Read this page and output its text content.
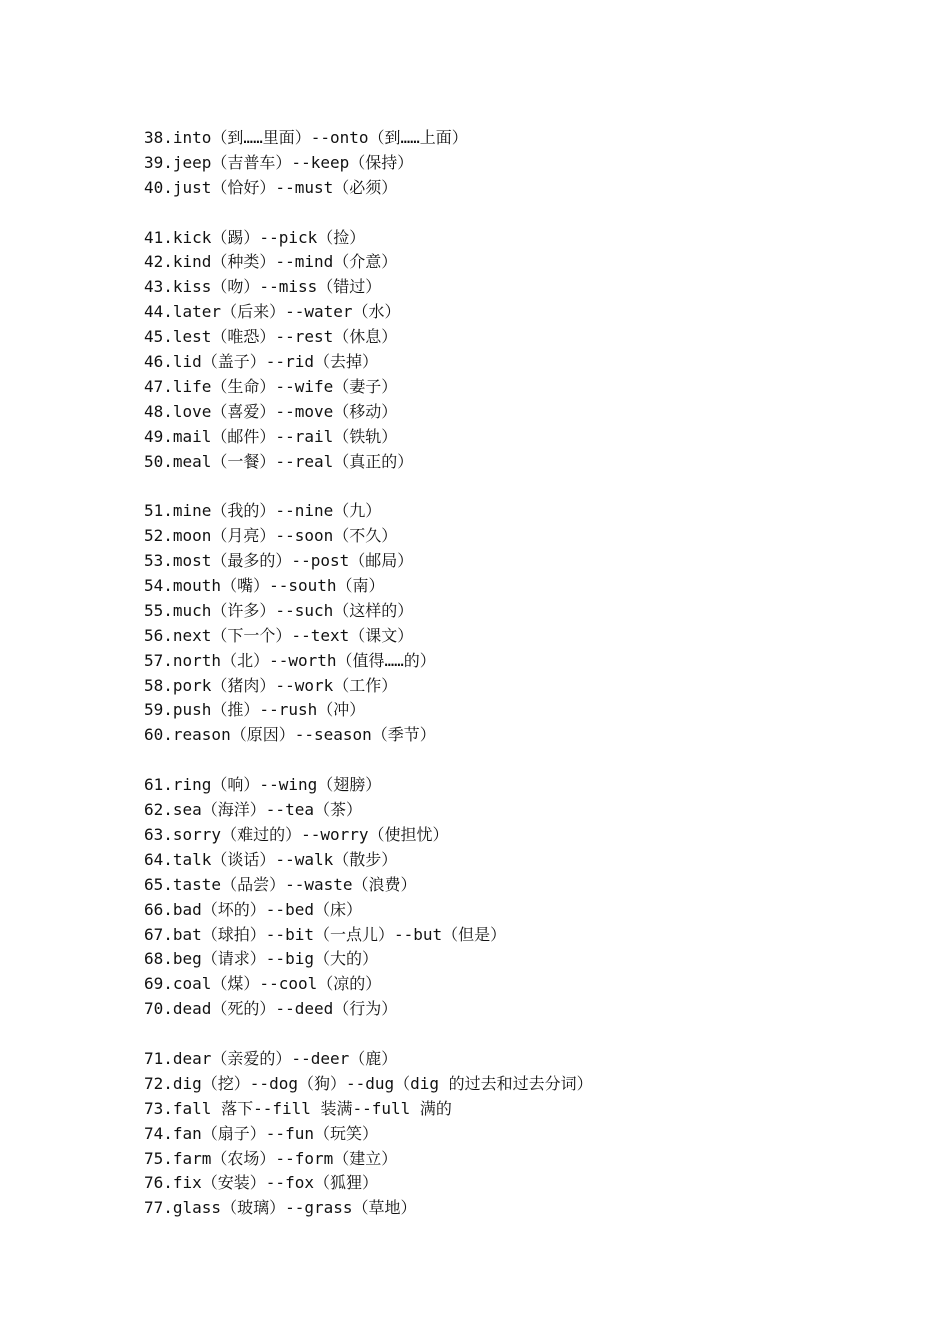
38.into（到……里面）--onto（到……上面）
39.jeep（吉普车）--keep（保持）
40.just（恰好）--must（必须）
41.kick（踢）--pick（捡）
42.kind（种类）--mind（介意）
43.kiss（吻）--miss（错过）
44.later（后来）--water（水）
45.lest（唯恐）--rest（休息）
46.lid（盖子）--rid（去掉）
47.life（生命）--wife（妻子）
48.love（喜爱）--move（移动）
49.mail（邮件）--rail（铁轨）
50.meal（一餐）--real（真正的）
51.mine（我的）--nine（九）
52.moon（月亮）--soon（不久）
53.most（最多的）--post（邮局）
54.mouth（嘴）--south（南）
55.much（许多）--such（这样的）
56.next（下一个）--text（课文）
57.north（北）--worth（值得……的）
58.pork（猪肉）--work（工作）
59.push（推）--rush（冲）
60.reason（原因）--season（季节）
61.ring（响）--wing（翅膀）
62.sea（海洋）--tea（茶）
63.sorry（难过的）--worry（使担忧）
64.talk（谈话）--walk（散步）
65.taste（品尝）--waste（浪费）
66.bad（坏的）--bed（床）
67.bat（球拍）--bit（一点儿）--but（但是）
68.beg（请求）--big（大的）
69.coal（煤）--cool（凉的）
70.dead（死的）--deed（行为）
71.dear（亲爱的）--deer（鹿）
72.dig（挖）--dog（狗）--dug（dig 的过去和过去分词）
73.fall 落下--fill 装满--full 满的
74.fan（扇子）--fun（玩笑）
75.farm（农场）--form（建立）
76.fix（安装）--fox（狐狸）
77.glass（玻璃）--grass（草地）
